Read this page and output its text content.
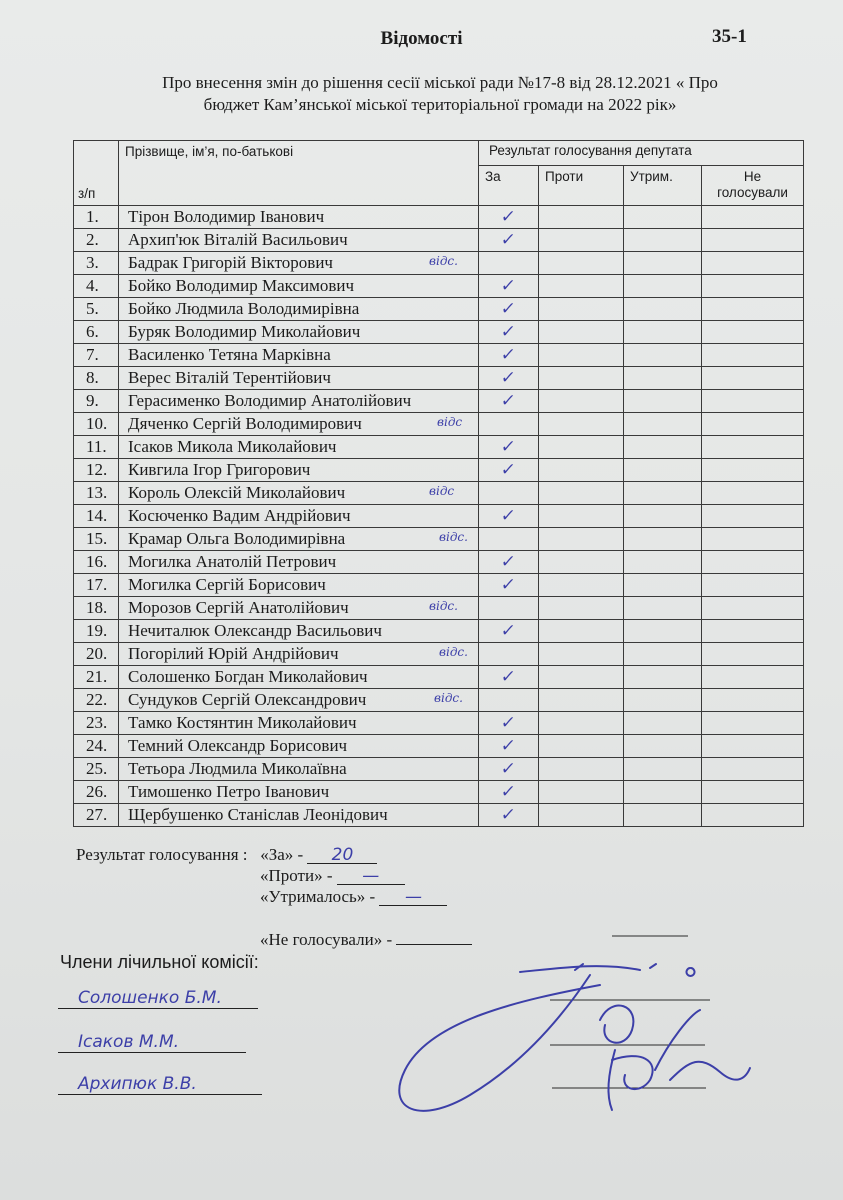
Відомості	35-1
Про внесення змін до рішення сесії міської ради №17-8 від 28.12.2021 « Про
бюджет Кам’янської міської територіальної громади на 2022 рік»
з/п	Прізвище, ім’я, по-батькові	Результат голосування депутата			
		За	Проти	Утрим.	Не
голосували

1.	Тірон Володимир Іванович	✓			
2.	Архип'юк Віталій Васильович	✓			
3.	Бадрак Григорій Вікторович відс.				

4.	Бойко Володимир Максимович	✓			
5.	Бойко Людмила Володимирівна	✓			
6.	Буряк Володимир Миколайович	✓			
7.	Василенко Тетяна Марківна	✓			
8.	Верес Віталій Терентійович	✓			
9.	Герасименко Володимир Анатолійович	✓			
10.	Дяченко Сергій Володимирович відс				

11.	Ісаков Микола Миколайович	✓			
12.	Кивгила Ігор Григорович	✓			
13.	Король Олексій Миколайович відс				

14.	Косюченко Вадим Андрійович	✓			
15.	Крамар Ольга Володимирівна відс.				

16.	Могилка Анатолій Петрович	✓			
17.	Могилка Сергій Борисович	✓			
18.	Морозов Сергій Анатолійович відс.				

19.	Нечиталюк Олександр Васильович	✓			
20.	Погорілий Юрій Андрійович відс.				

21.	Солошенко Богдан Миколайович	✓			
22.	Сундуков Сергій Олександрович відс.				

23.	Тамко Костянтин Миколайович	✓			
24.	Темний Олександр Борисович	✓			
25.	Тетьора Людмила Миколаївна	✓			
26.	Тимошенко Петро Іванович	✓			
27.	Щербушенко Станіслав Леонідович	✓			
Результат голосування : «За» - 20
«Проти» - —
«Утрималось» - —
«Не голосували» -
Члени лічильної комісії:
Солошенко Б.М.
Ісаков М.М.
Архипюк В.В.
